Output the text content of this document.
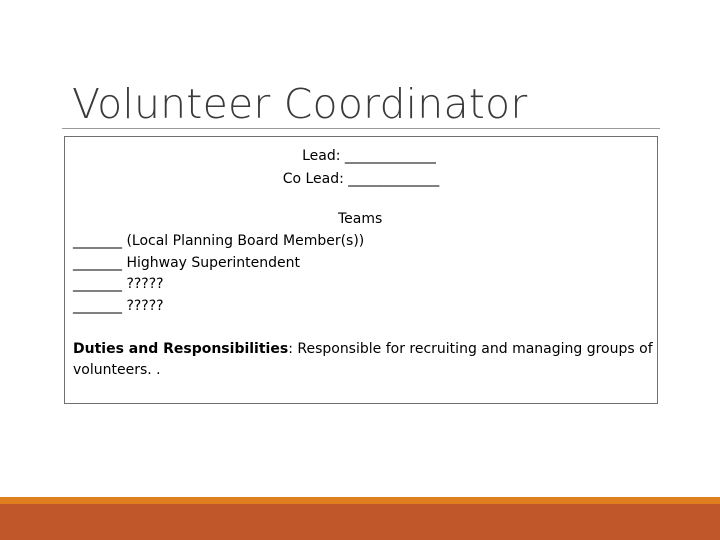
Volunteer Coordinator
Lead: _____________
Co Lead: _____________
Teams
_______ (Local Planning Board Member(s))
_______ Highway Superintendent
_______ ?????
_______ ?????
Duties and Responsibilities: Responsible for recruiting and managing groups of volunteers. .
